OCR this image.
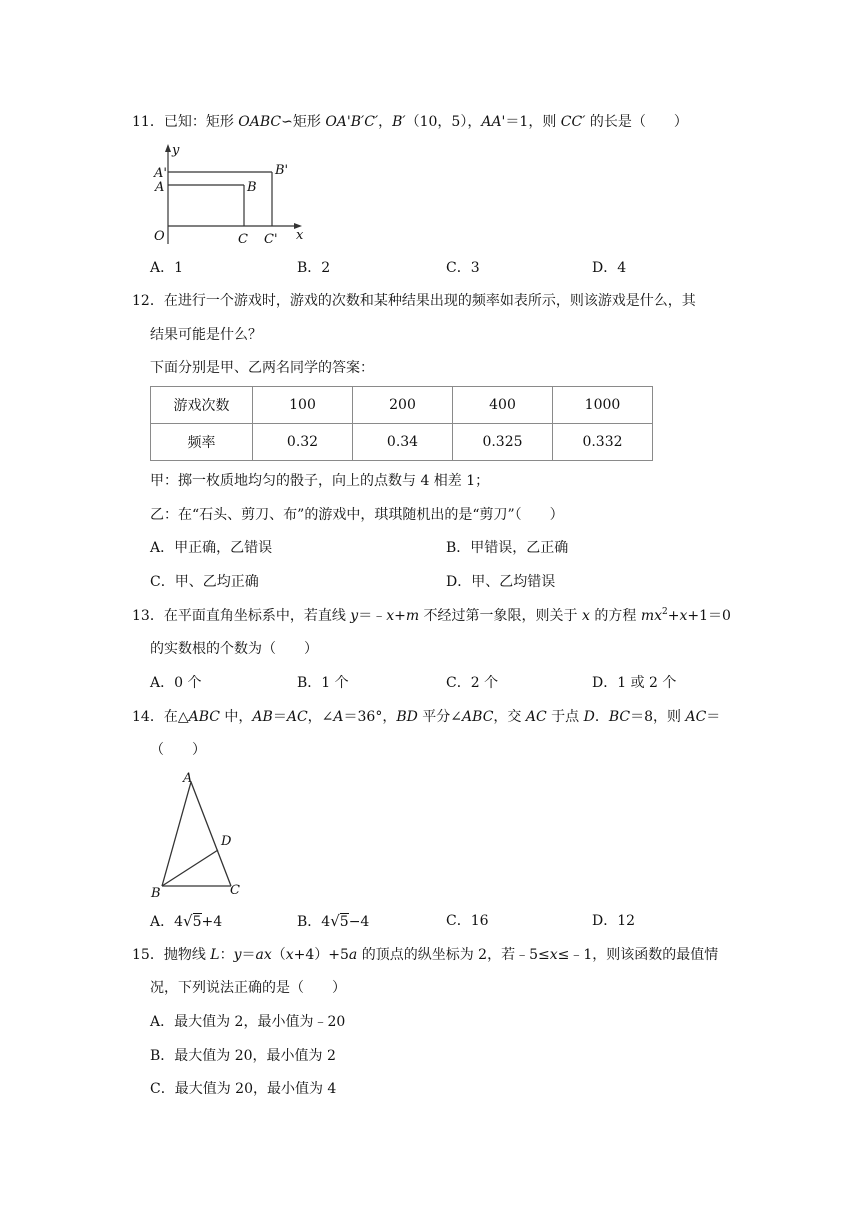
11．已知：矩形 OABC∽矩形 OA'B′C′，B′（10，5），AA'＝1，则 CC′ 的长是（　　）
y
x
A'
A	B
B'
O	C C'
A．1	B．2	C．3	D．4
12．在进行一个游戏时，游戏的次数和某种结果出现的频率如表所示，则该游戏是什么，其
结果可能是什么？
下面分别是甲、乙两名同学的答案：
游戏次数	100	200	400	1000
频率	0.32	0.34	0.325	0.332
甲：掷一枚质地均匀的骰子，向上的点数与 4 相差 1；
乙：在“石头、剪刀、布”的游戏中，琪琪随机出的是“剪刀”（　　）
A．甲正确，乙错误	B．甲错误，乙正确
C．甲、乙均正确	D．甲、乙均错误
13．在平面直角坐标系中，若直线 y＝﹣x+m 不经过第一象限，则关于 x 的方程 $mx^2+x+1=0$
的实数根的个数为（　　）
A．0 个	B．1 个	C．2 个	D．1 或 2 个
14．在△ABC 中，AB＝AC，∠A＝36°，BD 平分∠ABC，交 AC 于点 D．BC＝8，则 AC＝
（　　）
A
D
B	C
A．4√5+4	B．4√5−4	C．16	D．12
15．抛物线 L：y＝ax（x+4）+5a 的顶点的纵坐标为 2，若﹣5≤x≤﹣1，则该函数的最值情
况，下列说法正确的是（　　）
A．最大值为 2，最小值为﹣20
B．最大值为 20，最小值为 2
C．最大值为 20，最小值为 4
